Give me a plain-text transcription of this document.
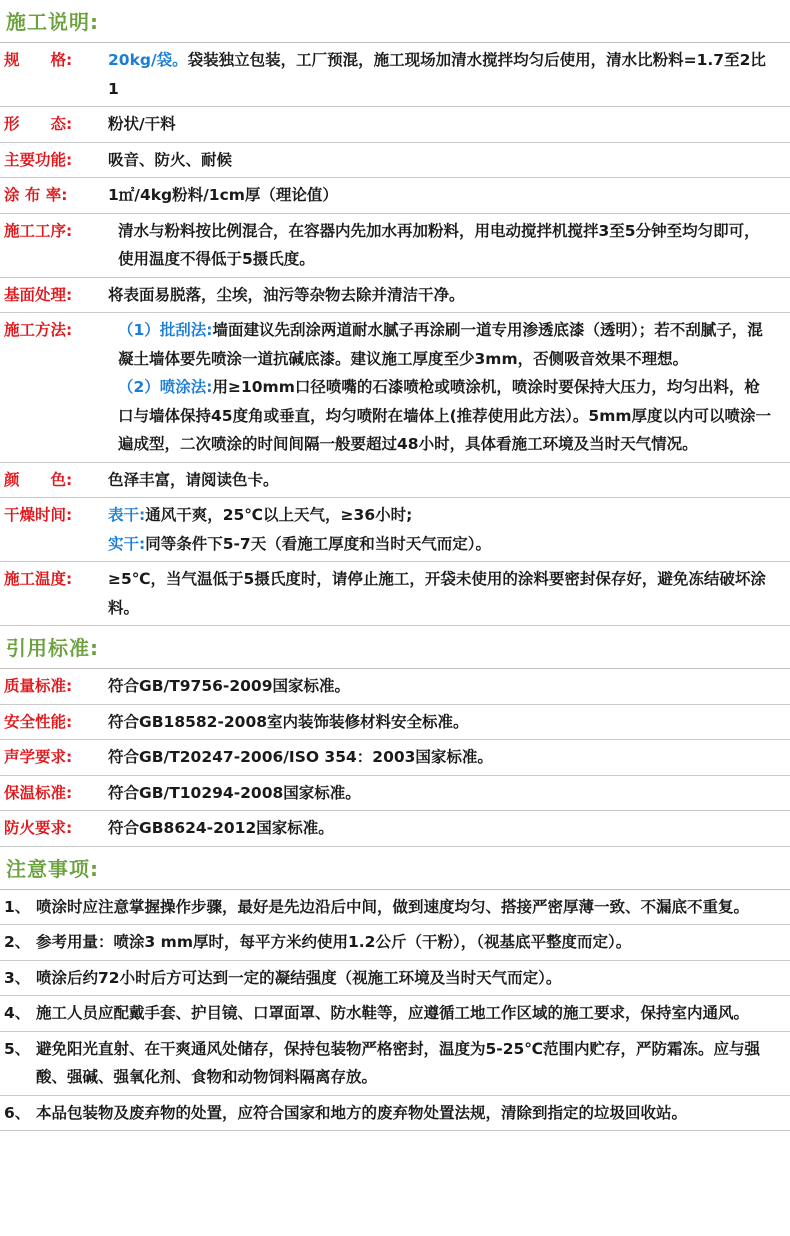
施工说明:
规　　格:	20kg/袋。袋装独立包装，工厂预混，施工现场加清水搅拌均匀后使用，清水比粉料=1.7至2比1
形　　态:	粉状/干料
主要功能:	吸音、防火、耐候
涂 布 率:	1㎡/4kg粉料/1cm厚（理论值）
施工工序:	清水与粉料按比例混合，在容器内先加水再加粉料，用电动搅拌机搅拌3至5分钟至均匀即可，使用温度不得低于5摄氏度。
基面处理:	将表面易脱落，尘埃，油污等杂物去除并清洁干净。
施工方法:	（1）批刮法:墙面建议先刮涂两道耐水腻子再涂刷一道专用渗透底漆（透明）；若不刮腻子，混凝土墙体要先喷涂一道抗碱底漆。建议施工厚度至少3mm，否侧吸音效果不理想。
（2）喷涂法:用≥10mm口径喷嘴的石漆喷枪或喷涂机，喷涂时要保持大压力，均匀出料，枪口与墙体保持45度角或垂直，均匀喷附在墙体上(推荐使用此方法）。5mm厚度以内可以喷涂一遍成型，二次喷涂的时间间隔一般要超过48小时，具体看施工环境及当时天气情况。
颜　　色:	色泽丰富，请阅读色卡。
干燥时间:	表干:通风干爽，25℃以上天气，≥36小时;
实干:同等条件下5-7天（看施工厚度和当时天气而定）。
施工温度:	≥5℃，当气温低于5摄氏度时，请停止施工，开袋未使用的涂料要密封保存好，避免冻结破坏涂料。
引用标准:
质量标准:	符合GB/T9756-2009国家标准。
安全性能:	符合GB18582-2008室内装饰装修材料安全标准。
声学要求:	符合GB/T20247-2006/ISO 354：2003国家标准。
保温标准:	符合GB/T10294-2008国家标准。
防火要求:	符合GB8624-2012国家标准。
注意事项:
1、 喷涂时应注意掌握操作步骤，最好是先边沿后中间，做到速度均匀、搭接严密厚薄一致、不漏底不重复。
2、 参考用量：喷涂3 mm厚时，每平方米约使用1.2公斤（干粉），（视基底平整度而定）。
3、 喷涂后约72小时后方可达到一定的凝结强度（视施工环境及当时天气而定）。
4、 施工人员应配戴手套、护目镜、口罩面罩、防水鞋等，应遵循工地工作区域的施工要求，保持室内通风。
5、 避免阳光直射、在干爽通风处储存，保持包装物严格密封，温度为5-25℃范围内贮存，严防霜冻。应与强酸、强碱、强氧化剂、食物和动物饲料隔离存放。
6、 本品包装物及废弃物的处置，应符合国家和地方的废弃物处置法规，清除到指定的垃圾回收站。
